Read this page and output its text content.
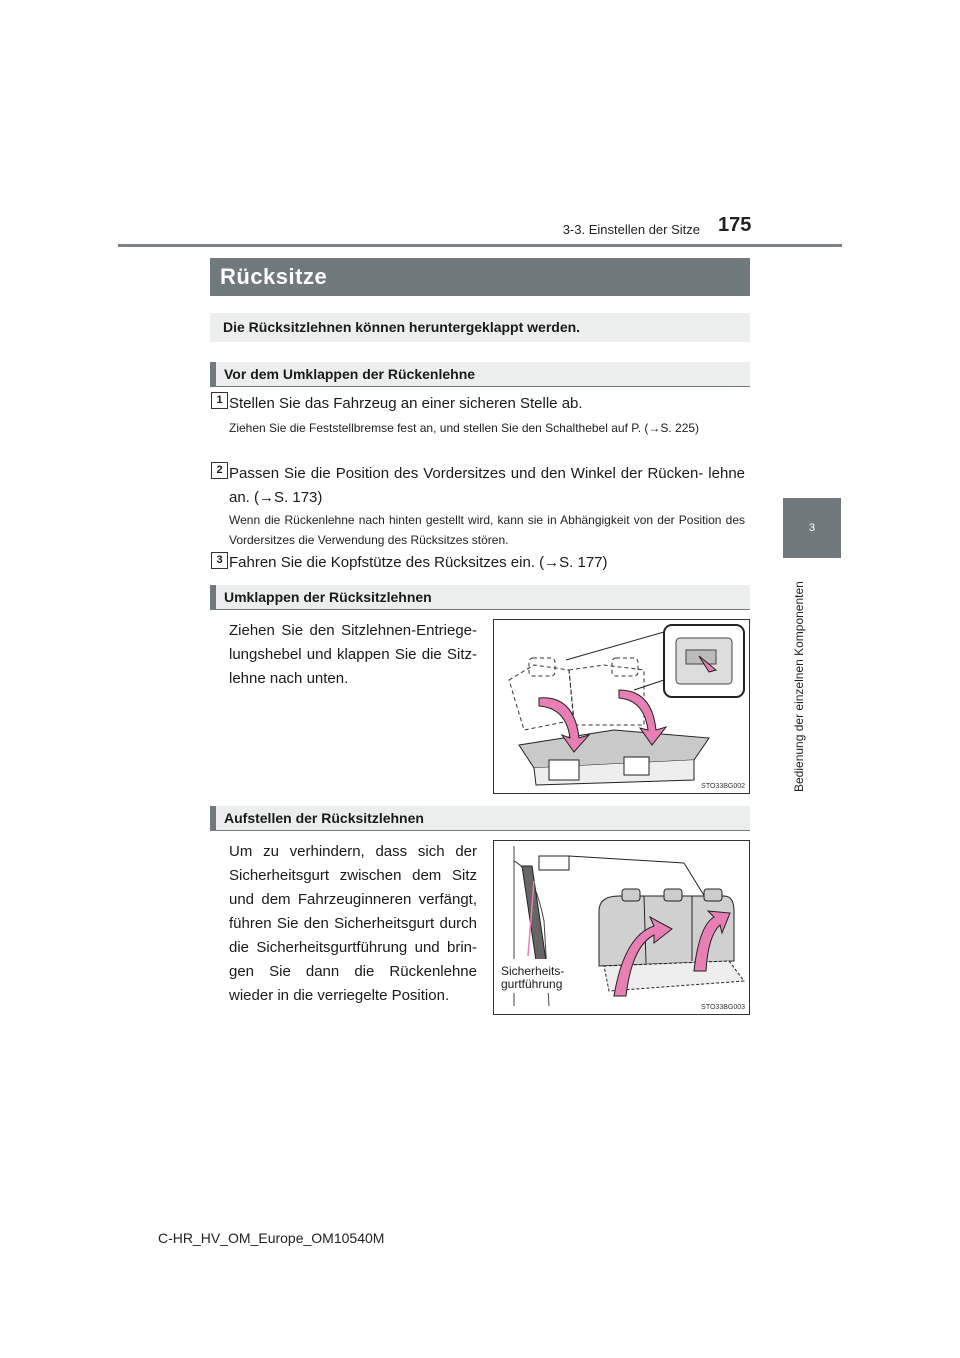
3-3. Einstellen der Sitze 175
3
Bedienung der einzelnen Komponenten
Rücksitze
Die Rücksitzlehnen können heruntergeklappt werden.
Vor dem Umklappen der Rückenlehne
1 Stellen Sie das Fahrzeug an einer sicheren Stelle ab.
Ziehen Sie die Feststellbremse fest an, und stellen Sie den Schalthebel auf P. (→S. 225)
2 Passen Sie die Position des Vordersitzes und den Winkel der Rücken- lehne an. (→S. 173)
Wenn die Rückenlehne nach hinten gestellt wird, kann sie in Abhängigkeit von der Position des Vordersitzes die Verwendung des Rücksitzes stören.
3 Fahren Sie die Kopfstütze des Rücksitzes ein. (→S. 177)
Umklappen der Rücksitzlehnen
Ziehen Sie den Sitzlehnen-Entriege- lungshebel und klappen Sie die Sitz- lehne nach unten.
STO33BG002
Aufstellen der Rücksitzlehnen
Um zu verhindern, dass sich der Sicherheitsgurt zwischen dem Sitz und dem Fahrzeuginneren verfängt, führen Sie den Sicherheitsgurt durch die Sicherheitsgurtführung und brin- gen Sie dann die Rückenlehne wieder in die verriegelte Position.
Sicherheits- gurtführung
STO33BG003
C-HR_HV_OM_Europe_OM10540M
